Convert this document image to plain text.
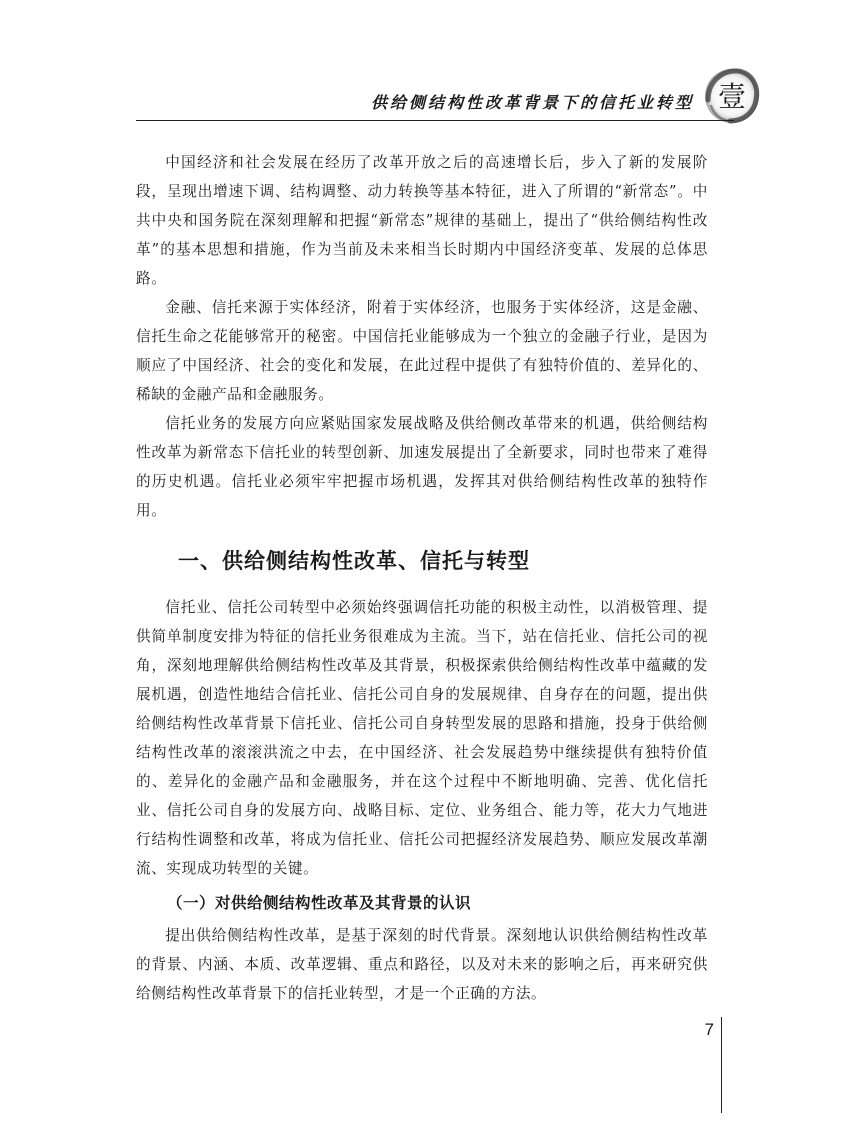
供给侧结构性改革背景下的信托业转型 壹

中国经济和社会发展在经历了改革开放之后的高速增长后，步入了新的发展阶段，呈现出增速下调、结构调整、动力转换等基本特征，进入了所谓的“新常态”。中共中央和国务院在深刻理解和把握“新常态”规律的基础上，提出了“供给侧结构性改革”的基本思想和措施，作为当前及未来相当长时期内中国经济变革、发展的总体思路。

金融、信托来源于实体经济，附着于实体经济，也服务于实体经济，这是金融、信托生命之花能够常开的秘密。中国信托业能够成为一个独立的金融子行业，是因为顺应了中国经济、社会的变化和发展，在此过程中提供了有独特价值的、差异化的、稀缺的金融产品和金融服务。

信托业务的发展方向应紧贴国家发展战略及供给侧改革带来的机遇，供给侧结构性改革为新常态下信托业的转型创新、加速发展提出了全新要求，同时也带来了难得的历史机遇。信托业必须牢牢把握市场机遇，发挥其对供给侧结构性改革的独特作用。

一、供给侧结构性改革、信托与转型

信托业、信托公司转型中必须始终强调信托功能的积极主动性，以消极管理、提供简单制度安排为特征的信托业务很难成为主流。当下，站在信托业、信托公司的视角，深刻地理解供给侧结构性改革及其背景，积极探索供给侧结构性改革中蕴藏的发展机遇，创造性地结合信托业、信托公司自身的发展规律、自身存在的问题，提出供给侧结构性改革背景下信托业、信托公司自身转型发展的思路和措施，投身于供给侧结构性改革的滚滚洪流之中去，在中国经济、社会发展趋势中继续提供有独特价值的、差异化的金融产品和金融服务，并在这个过程中不断地明确、完善、优化信托业、信托公司自身的发展方向、战略目标、定位、业务组合、能力等，花大力气地进行结构性调整和改革，将成为信托业、信托公司把握经济发展趋势、顺应发展改革潮流、实现成功转型的关键。

（一）对供给侧结构性改革及其背景的认识

提出供给侧结构性改革，是基于深刻的时代背景。深刻地认识供给侧结构性改革的背景、内涵、本质、改革逻辑、重点和路径，以及对未来的影响之后，再来研究供给侧结构性改革背景下的信托业转型，才是一个正确的方法。

7
